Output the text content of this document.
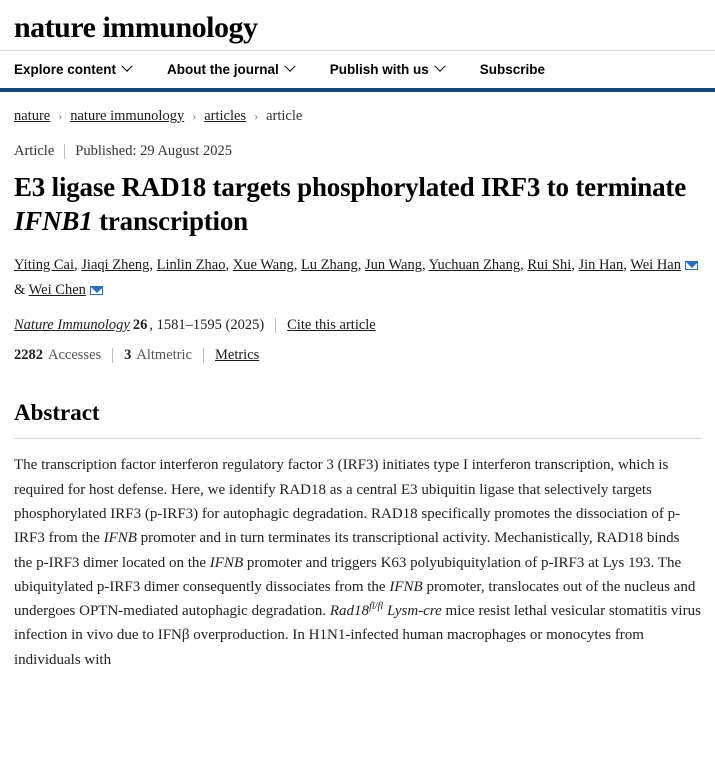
nature immunology
Explore content	About the journal	Publish with us	Subscribe
nature › nature immunology › articles › article
Article Published: 29 August 2025
E3 ligase RAD18 targets phosphorylated IRF3 to terminate IFNB1 transcription
Yiting Cai, Jiaqi Zheng, Linlin Zhao, Xue Wang, Lu Zhang, Jun Wang, Yuchuan Zhang, Rui Shi, Jin Han, Wei Han & Wei Chen
Nature Immunology 26 , 1581–1595 (2025) Cite this article
2282 Accesses 3 Altmetric Metrics
Abstract

The transcription factor interferon regulatory factor 3 (IRF3) initiates type I interferon transcription, which is required for host defense. Here, we identify RAD18 as a central E3 ubiquitin ligase that selectively targets phosphorylated IRF3 (p-IRF3) for autophagic degradation. RAD18 specifically promotes the dissociation of p-IRF3 from the IFNB promoter and in turn terminates its transcriptional activity. Mechanistically, RAD18 binds the p-IRF3 dimer located on the IFNB promoter and triggers K63 polyubiquitylation of p-IRF3 at Lys 193. The ubiquitylated p-IRF3 dimer consequently dissociates from the IFNB promoter, translocates out of the nucleus and undergoes OPTN-mediated autophagic degradation. $Rad18^{fl/fl}$ Lysm-cre mice resist lethal vesicular stomatitis virus infection in vivo due to IFNβ overproduction. In H1N1-infected human macrophages or monocytes from individuals with
